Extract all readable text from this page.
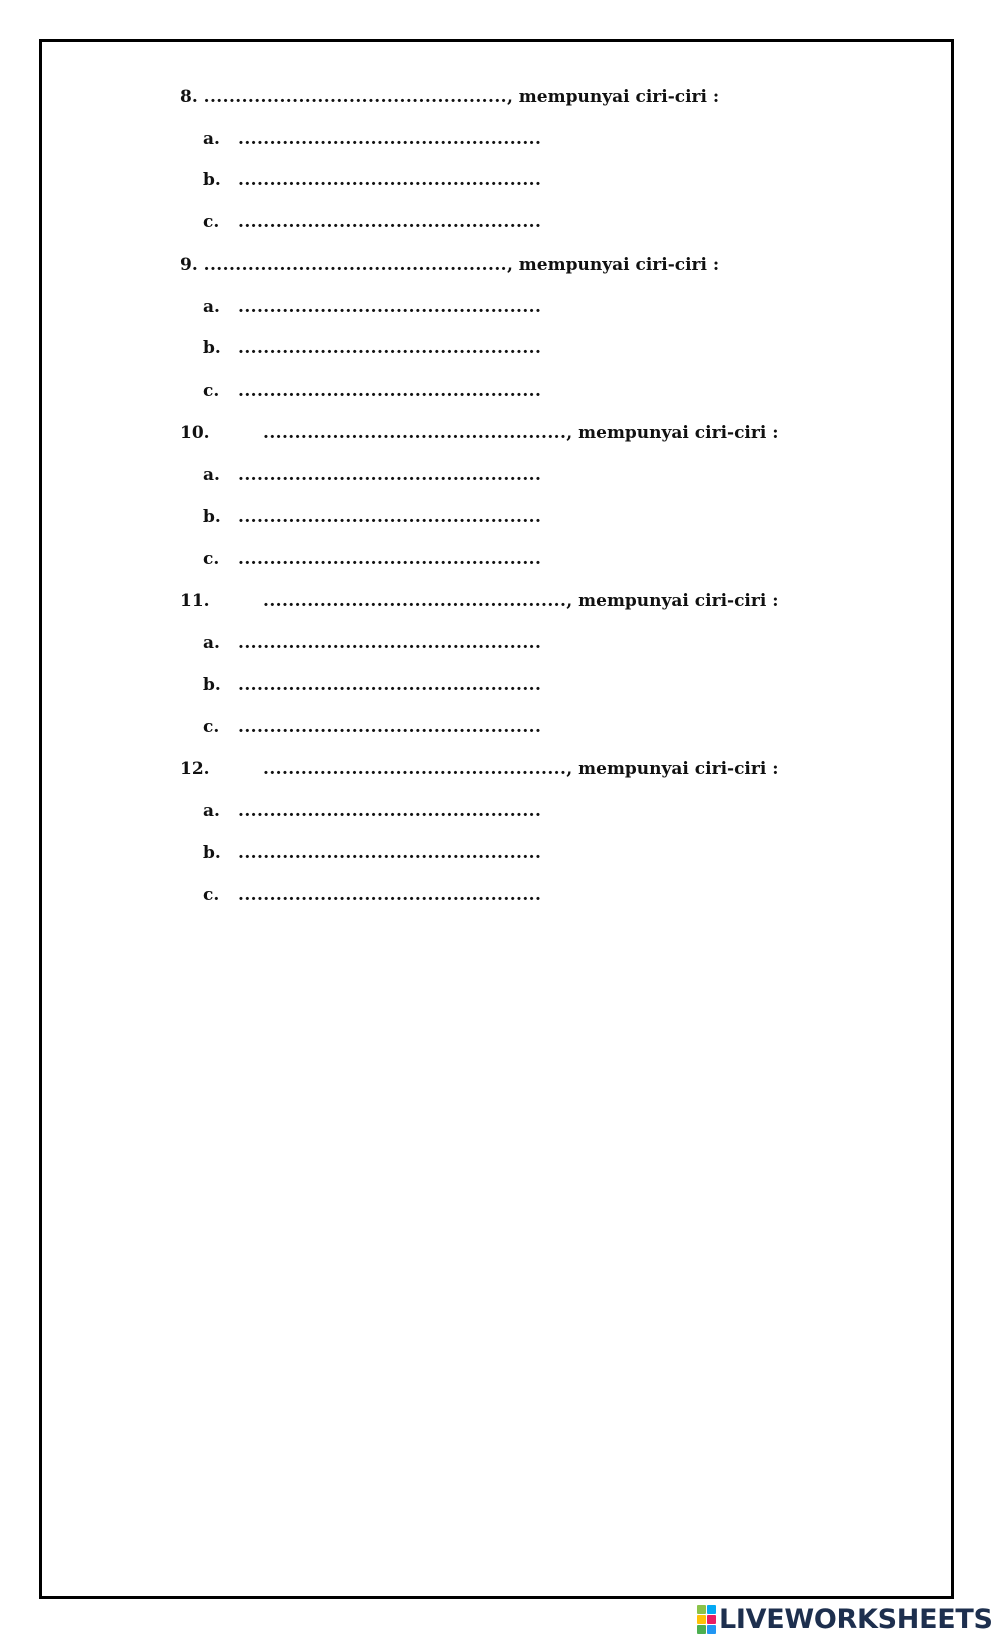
8. ................................................, mempunyai ciri-ciri :
a. ................................................
b. ................................................
c. ................................................
9. ................................................, mempunyai ciri-ciri :
a. ................................................
b. ................................................
c. ................................................
10.	................................................, mempunyai ciri-ciri :
a. ................................................
b. ................................................
c. ................................................
11.	................................................, mempunyai ciri-ciri :
a. ................................................
b. ................................................
c. ................................................
12.	................................................, mempunyai ciri-ciri :
a. ................................................
b. ................................................
c. ................................................
LIVEWORKSHEETS
